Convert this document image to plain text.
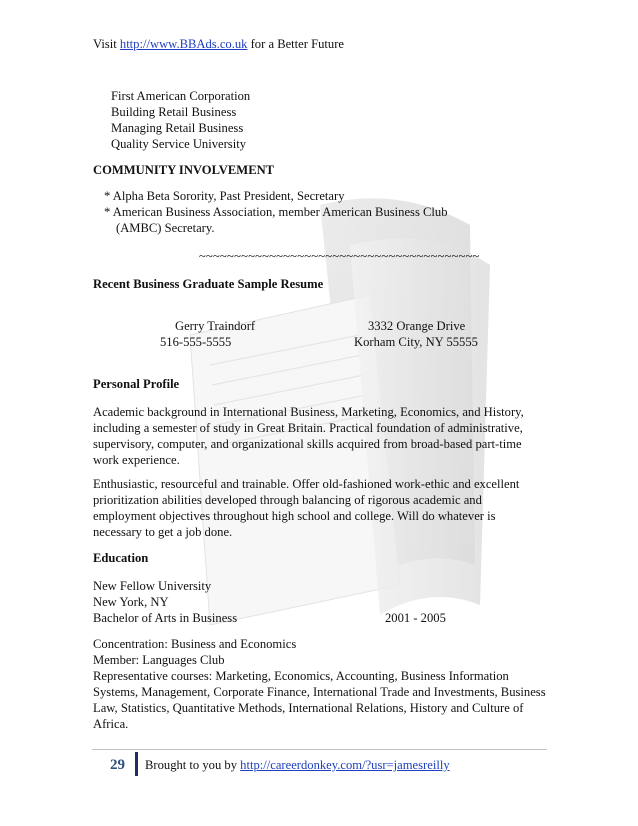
Visit http://www.BBAds.co.uk for a Better Future
First American Corporation
Building Retail Business
Managing Retail Business
Quality Service University
COMMUNITY INVOLVEMENT
* Alpha Beta Sorority, Past President, Secretary
* American Business Association, member American Business Club
(AMBC) Secretary.
~~~~~~~~~~~~~~~~~~~~~~~~~~~~~~~~~~~~~~~~
Recent Business Graduate Sample Resume
Gerry Traindorf
516-555-5555
3332 Orange Drive
Korham City, NY 55555
Personal Profile
Academic background in International Business, Marketing, Economics, and History,
including a semester of study in Great Britain. Practical foundation of administrative,
supervisory, computer, and organizational skills acquired from broad-based part-time
work experience.
Enthusiastic, resourceful and trainable. Offer old-fashioned work-ethic and excellent
prioritization abilities developed through balancing of rigorous academic and
employment objectives throughout high school and college. Will do whatever is
necessary to get a job done.
Education
New Fellow University
New York, NY
Bachelor of Arts in Business	2001 - 2005
Concentration: Business and Economics
Member: Languages Club
Representative courses: Marketing, Economics, Accounting, Business Information
Systems, Management, Corporate Finance, International Trade and Investments, Business
Law, Statistics, Quantitative Methods, International Relations, History and Culture of
Africa.
29 Brought to you by http://careerdonkey.com/?usr=jamesreilly
